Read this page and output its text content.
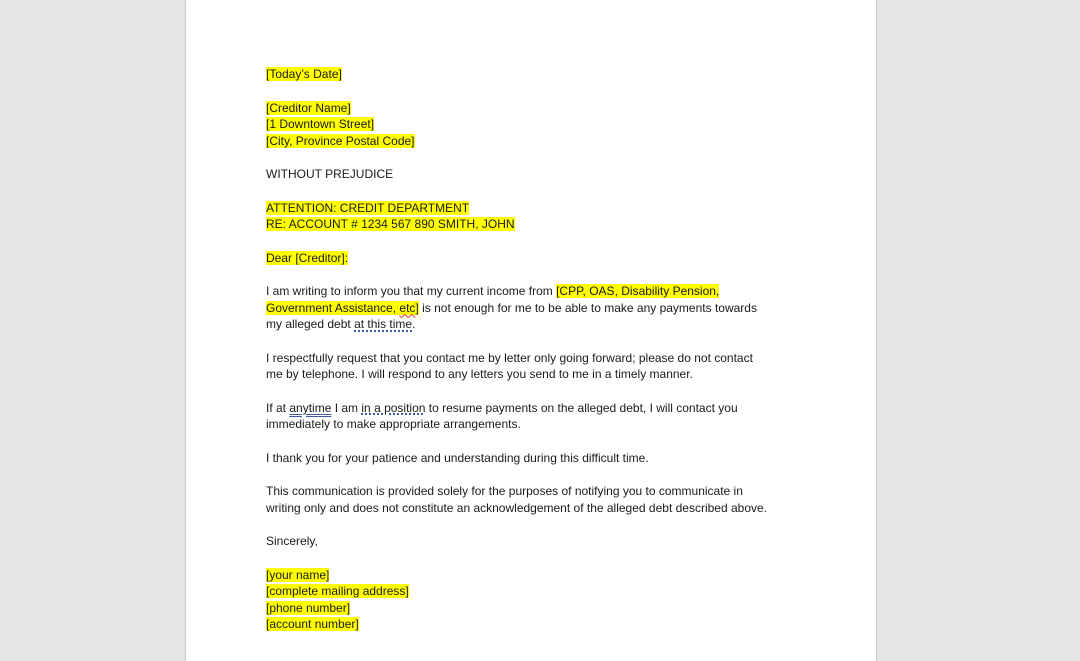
[Today’s Date]
[Creditor Name]
[1 Downtown Street]
[City, Province Postal Code]
WITHOUT PREJUDICE
ATTENTION: CREDIT DEPARTMENT
RE: ACCOUNT # 1234 567 890 SMITH, JOHN
Dear [Creditor]:
I am writing to inform you that my current income from [CPP, OAS, Disability Pension,
Government Assistance, etc] is not enough for me to be able to make any payments towards
my alleged debt at this time.
I respectfully request that you contact me by letter only going forward; please do not contact
me by telephone. I will respond to any letters you send to me in a timely manner.
If at anytime I am in a position to resume payments on the alleged debt, I will contact you
immediately to make appropriate arrangements.
I thank you for your patience and understanding during this difficult time.
This communication is provided solely for the purposes of notifying you to communicate in
writing only and does not constitute an acknowledgement of the alleged debt described above.
Sincerely,
[your name]
[complete mailing address]
[phone number]
[account number]
